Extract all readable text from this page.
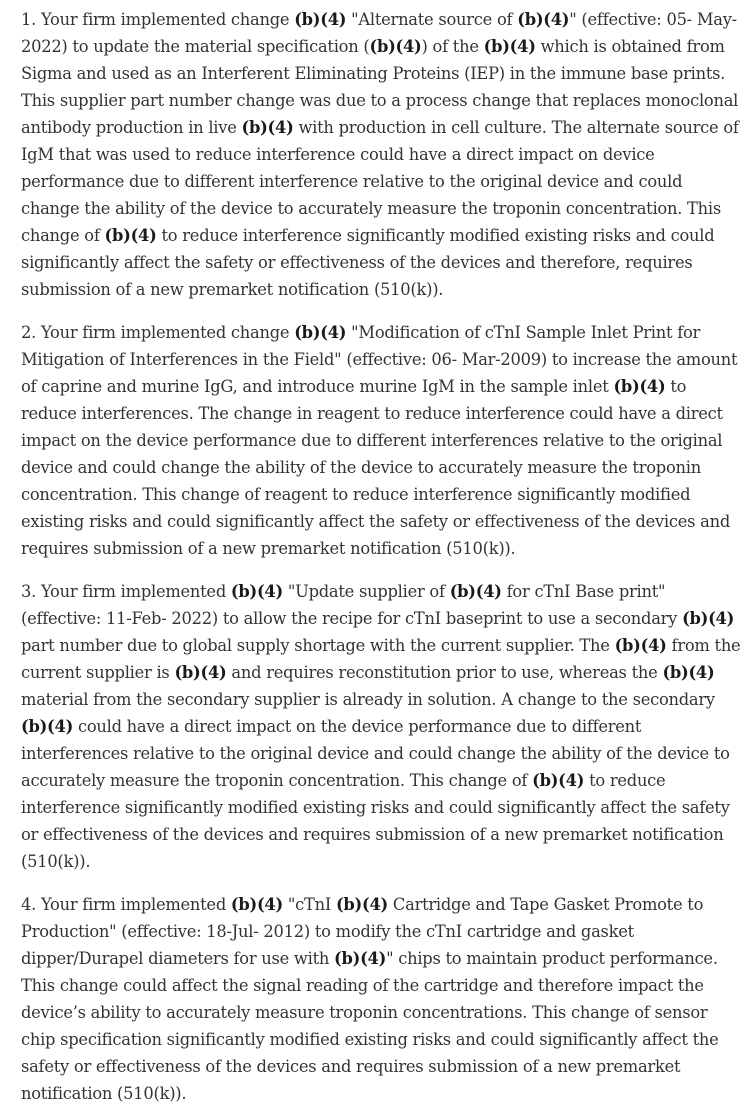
1. Your firm implemented change (b)(4) "Alternate source of (b)(4)" (effective: 05- May-2022) to update the material specification ((b)(4)) of the (b)(4) which is obtained from Sigma and used as an Interferent Eliminating Proteins (IEP) in the immune base prints. This supplier part number change was due to a process change that replaces monoclonal antibody production in live (b)(4) with production in cell culture. The alternate source of IgM that was used to reduce interference could have a direct impact on device performance due to different interference relative to the original device and could change the ability of the device to accurately measure the troponin concentration. This change of (b)(4) to reduce interference significantly modified existing risks and could significantly affect the safety or effectiveness of the devices and therefore, requires submission of a new premarket notification (510(k)).

2. Your firm implemented change (b)(4) "Modification of cTnI Sample Inlet Print for Mitigation of Interferences in the Field" (effective: 06- Mar-2009) to increase the amount of caprine and murine IgG, and introduce murine IgM in the sample inlet (b)(4) to reduce interferences. The change in reagent to reduce interference could have a direct impact on the device performance due to different interferences relative to the original device and could change the ability of the device to accurately measure the troponin concentration. This change of reagent to reduce interference significantly modified existing risks and could significantly affect the safety or effectiveness of the devices and requires submission of a new premarket notification (510(k)).

3. Your firm implemented (b)(4) "Update supplier of (b)(4) for cTnI Base print" (effective: 11-Feb- 2022) to allow the recipe for cTnI baseprint to use a secondary (b)(4) part number due to global supply shortage with the current supplier. The (b)(4) from the current supplier is (b)(4) and requires reconstitution prior to use, whereas the (b)(4) material from the secondary supplier is already in solution. A change to the secondary (b)(4) could have a direct impact on the device performance due to different interferences relative to the original device and could change the ability of the device to accurately measure the troponin concentration. This change of (b)(4) to reduce interference significantly modified existing risks and could significantly affect the safety or effectiveness of the devices and requires submission of a new premarket notification (510(k)).

4. Your firm implemented (b)(4) "cTnI (b)(4) Cartridge and Tape Gasket Promote to Production" (effective: 18-Jul- 2012) to modify the cTnI cartridge and gasket dipper/Durapel diameters for use with (b)(4)" chips to maintain product performance. This change could affect the signal reading of the cartridge and therefore impact the device’s ability to accurately measure troponin concentrations. This change of sensor chip specification significantly modified existing risks and could significantly affect the safety or effectiveness of the devices and requires submission of a new premarket notification (510(k)).
